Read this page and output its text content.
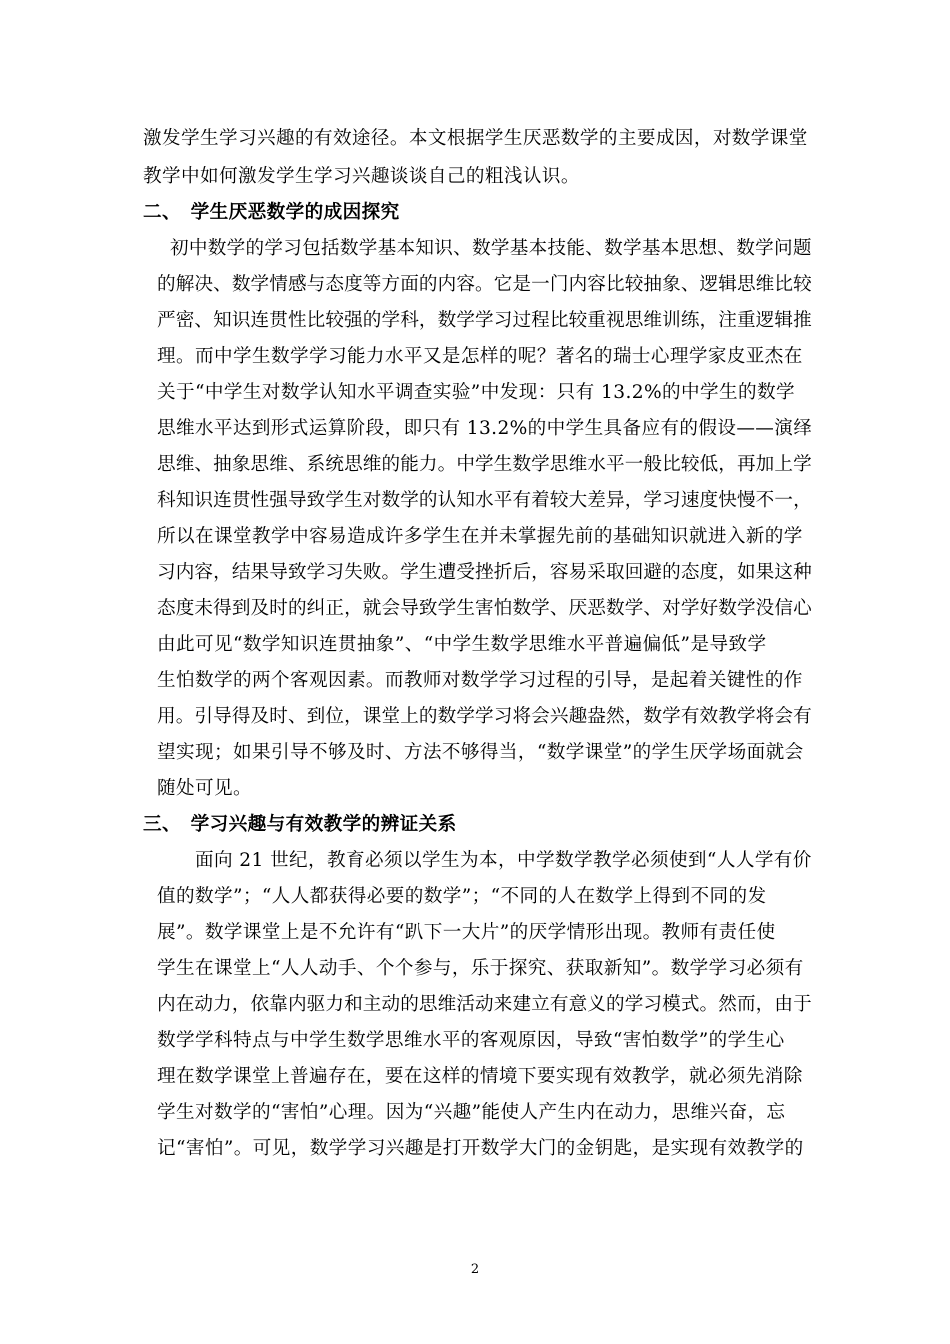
激发学生学习兴趣的有效途径。本文根据学生厌恶数学的主要成因，对数学课堂
教学中如何激发学生学习兴趣谈谈自己的粗浅认识。
二、　学生厌恶数学的成因探究
初中数学的学习包括数学基本知识、数学基本技能、数学基本思想、数学问题
的解决、数学情感与态度等方面的内容。它是一门内容比较抽象、逻辑思维比较
严密、知识连贯性比较强的学科，数学学习过程比较重视思维训练，注重逻辑推
理。而中学生数学学习能力水平又是怎样的呢？著名的瑞士心理学家皮亚杰在
关于“中学生对数学认知水平调查实验”中发现：只有 13.2%的中学生的数学
思维水平达到形式运算阶段，即只有 13.2%的中学生具备应有的假设——演绎
思维、抽象思维、系统思维的能力。中学生数学思维水平一般比较低，再加上学
科知识连贯性强导致学生对数学的认知水平有着较大差异，学习速度快慢不一，
所以在课堂教学中容易造成许多学生在并未掌握先前的基础知识就进入新的学
习内容，结果导致学习失败。学生遭受挫折后，容易采取回避的态度，如果这种
态度未得到及时的纠正，就会导致学生害怕数学、厌恶数学、对学好数学没信心
由此可见“数学知识连贯抽象”、“中学生数学思维水平普遍偏低”是导致学
生怕数学的两个客观因素。而教师对数学学习过程的引导，是起着关键性的作
用。引导得及时、到位，课堂上的数学学习将会兴趣盎然，数学有效教学将会有
望实现；如果引导不够及时、方法不够得当，“数学课堂”的学生厌学场面就会
随处可见。
三、　学习兴趣与有效教学的辨证关系
面向 21 世纪，教育必须以学生为本，中学数学教学必须使到“人人学有价
值的数学”；“人人都获得必要的数学”；“不同的人在数学上得到不同的发
展”。数学课堂上是不允许有“趴下一大片”的厌学情形出现。教师有责任使
学生在课堂上“人人动手、个个参与，乐于探究、获取新知”。数学学习必须有
内在动力，依靠内驱力和主动的思维活动来建立有意义的学习模式。然而，由于
数学学科特点与中学生数学思维水平的客观原因，导致“害怕数学”的学生心
理在数学课堂上普遍存在，要在这样的情境下要实现有效教学，就必须先消除
学生对数学的“害怕”心理。因为“兴趣”能使人产生内在动力，思维兴奋，忘
记“害怕”。可见，数学学习兴趣是打开数学大门的金钥匙，是实现有效教学的
2
